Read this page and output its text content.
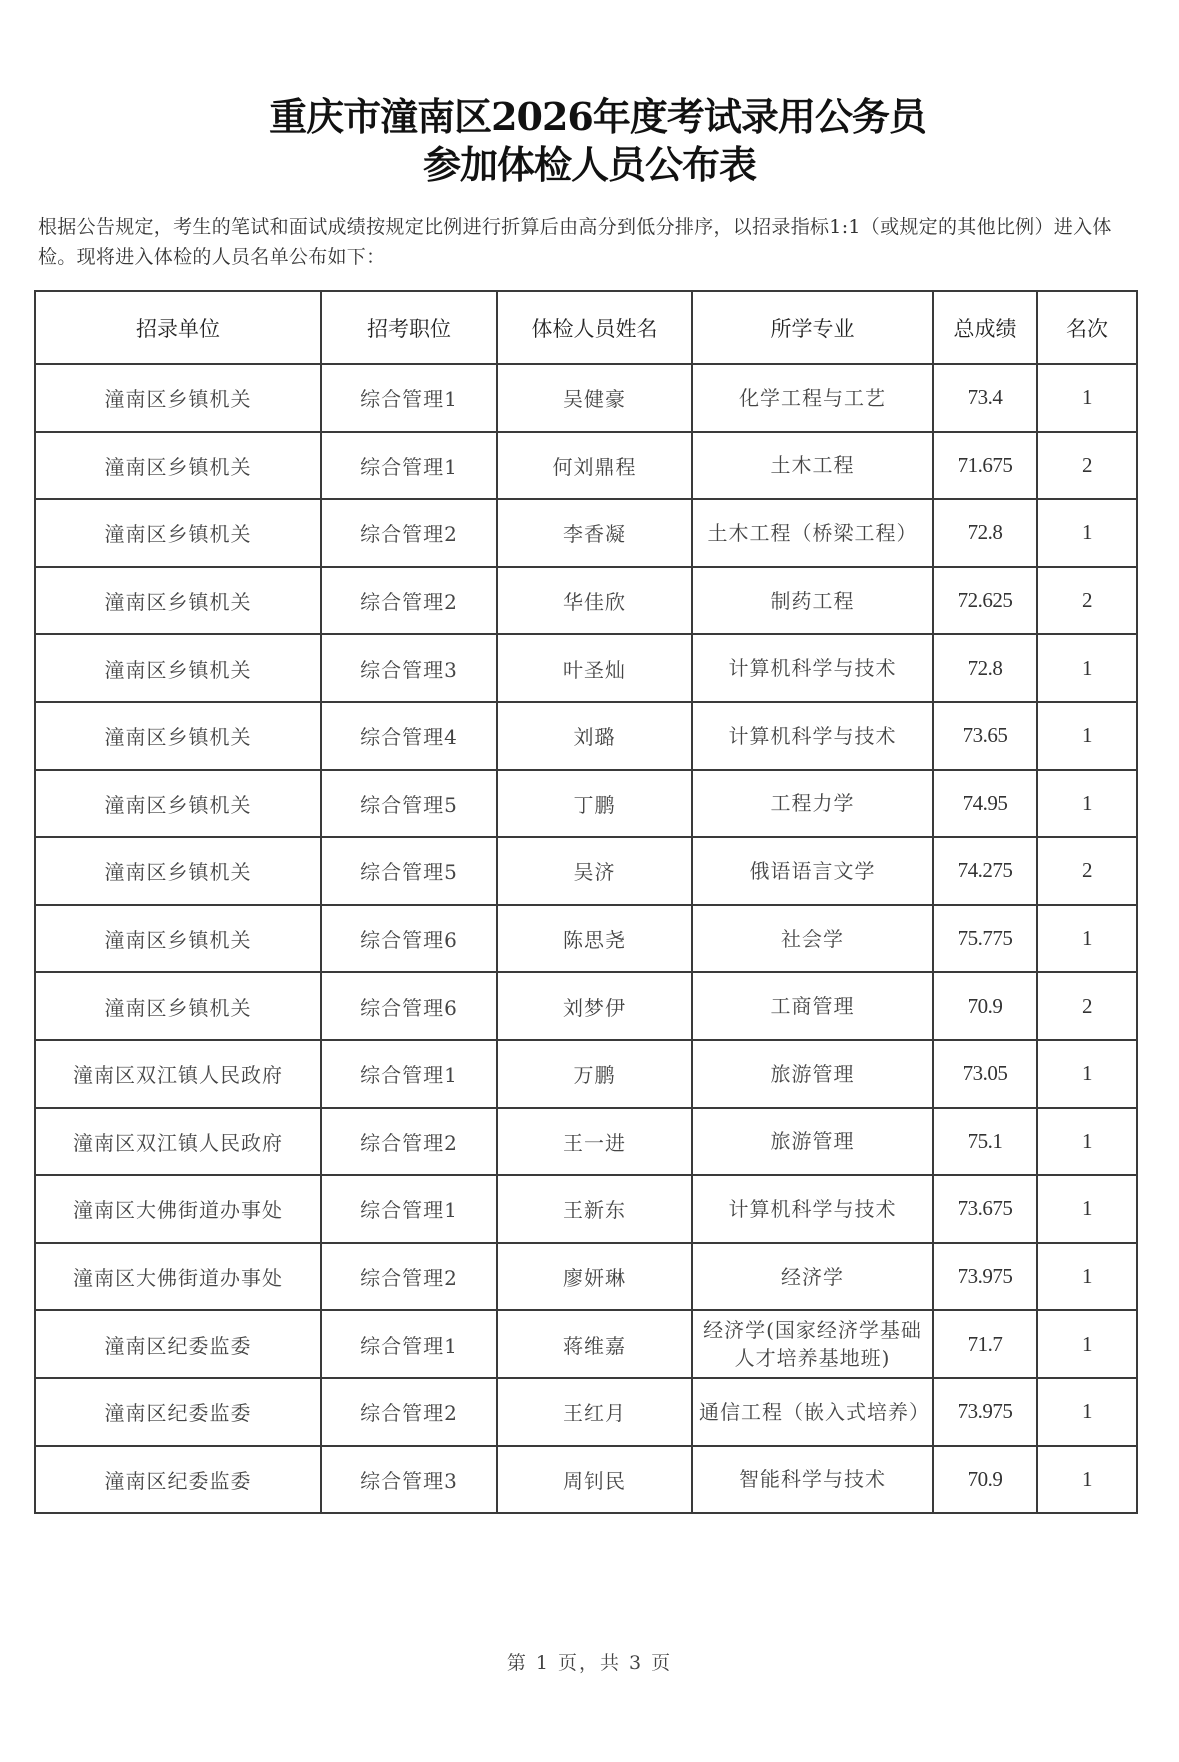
重庆市潼南区2026年度考试录用公务员
参加体检人员公布表
根据公告规定，考生的笔试和面试成绩按规定比例进行折算后由高分到低分排序，以招录指标1:1（或规定的其他比例）进入体检。现将进入体检的人员名单公布如下：
招录单位	招考职位	体检人员姓名	所学专业	总成绩	名次
潼南区乡镇机关	综合管理1	吴健豪	化学工程与工艺	73.4	1
潼南区乡镇机关	综合管理1	何刘鼎程	土木工程	71.675	2
潼南区乡镇机关	综合管理2	李香凝	土木工程（桥梁工程）	72.8	1
潼南区乡镇机关	综合管理2	华佳欣	制药工程	72.625	2
潼南区乡镇机关	综合管理3	叶圣灿	计算机科学与技术	72.8	1
潼南区乡镇机关	综合管理4	刘璐	计算机科学与技术	73.65	1
潼南区乡镇机关	综合管理5	丁鹏	工程力学	74.95	1
潼南区乡镇机关	综合管理5	吴济	俄语语言文学	74.275	2
潼南区乡镇机关	综合管理6	陈思尧	社会学	75.775	1
潼南区乡镇机关	综合管理6	刘梦伊	工商管理	70.9	2
潼南区双江镇人民政府	综合管理1	万鹏	旅游管理	73.05	1
潼南区双江镇人民政府	综合管理2	王一进	旅游管理	75.1	1
潼南区大佛街道办事处	综合管理1	王新东	计算机科学与技术	73.675	1
潼南区大佛街道办事处	综合管理2	廖妍琳	经济学	73.975	1
潼南区纪委监委	综合管理1	蒋维嘉	经济学(国家经济学基础人才培养基地班)	71.7	1
潼南区纪委监委	综合管理2	王红月	通信工程（嵌入式培养）	73.975	1
潼南区纪委监委	综合管理3	周钊民	智能科学与技术	70.9	1
第 1 页，共 3 页
